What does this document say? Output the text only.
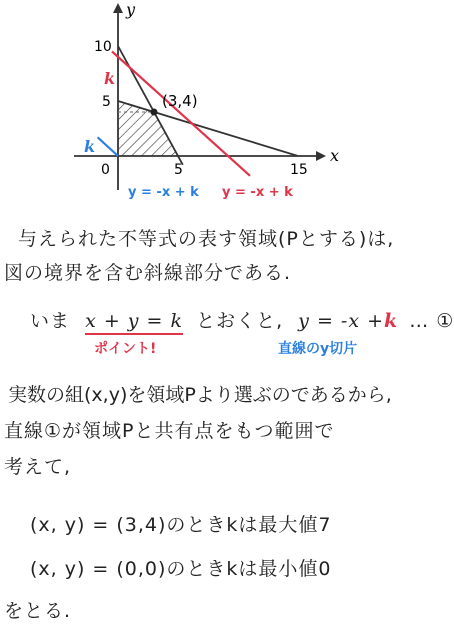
(3,4)
x
y
5	15
5
10
0
k
k
y = -x + k y = -x + k
与えられた不等式の表す領域(Pとする)は,
図の境界を含む斜線部分である.
いま x + y = k とおくと, y = -x +k … ①
ポイント!	直線のy切片
実数の組(x,y)を領域Pより選ぶのであるから,
直線①が領域Pと共有点をもつ範囲で
考えて,
(x, y) = (3,4)のときkは最大値7
(x, y) = (0,0)のときkは最小値0
をとる.
